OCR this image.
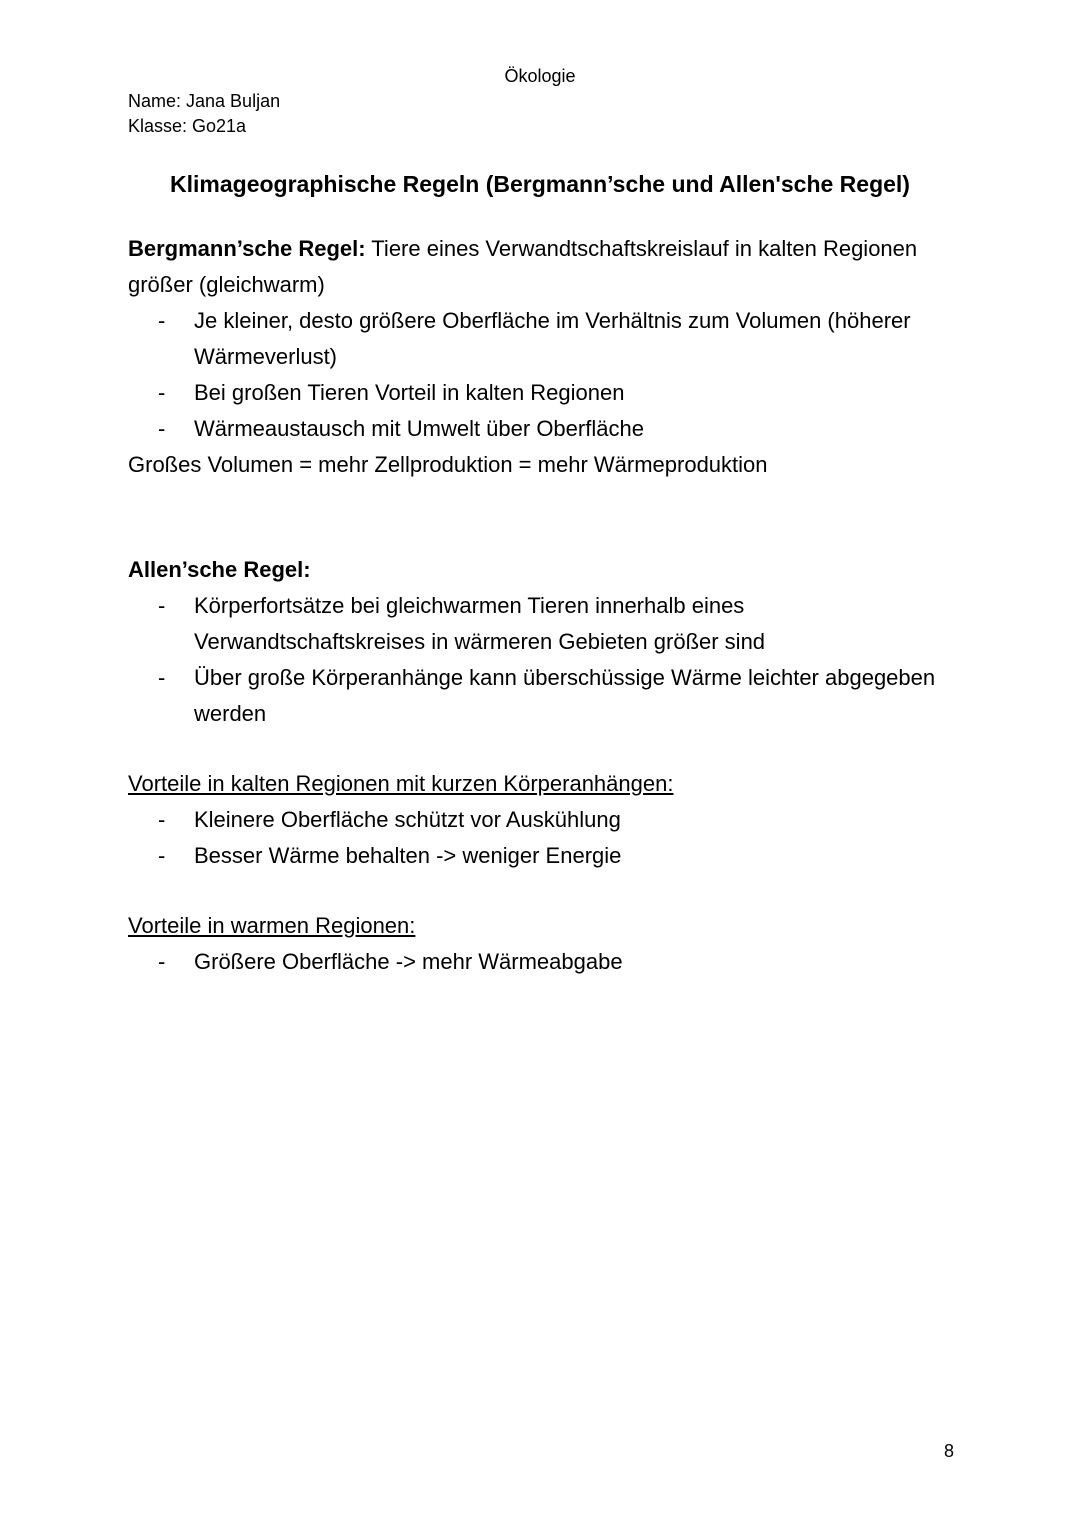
Ökologie
Name: Jana Buljan
Klasse: Go21a
Klimageographische Regeln (Bergmann’sche und Allen'sche Regel)

Bergmann’sche Regel: Tiere eines Verwandtschaftskreislauf in kalten Regionen größer (gleichwarm)

- Je kleiner, desto größere Oberfläche im Verhältnis zum Volumen (höherer Wärmeverlust)
- Bei großen Tieren Vorteil in kalten Regionen
- Wärmeaustausch mit Umwelt über Oberfläche

Großes Volumen = mehr Zellproduktion = mehr Wärmeproduktion

Allen’sche Regel:

- Körperfortsätze bei gleichwarmen Tieren innerhalb eines Verwandtschaftskreises in wärmeren Gebieten größer sind
- Über große Körperanhänge kann überschüssige Wärme leichter abgegeben werden

Vorteile in kalten Regionen mit kurzen Körperanhängen:

- Kleinere Oberfläche schützt vor Auskühlung
- Besser Wärme behalten -> weniger Energie

Vorteile in warmen Regionen:

- Größere Oberfläche -> mehr Wärmeabgabe
8
